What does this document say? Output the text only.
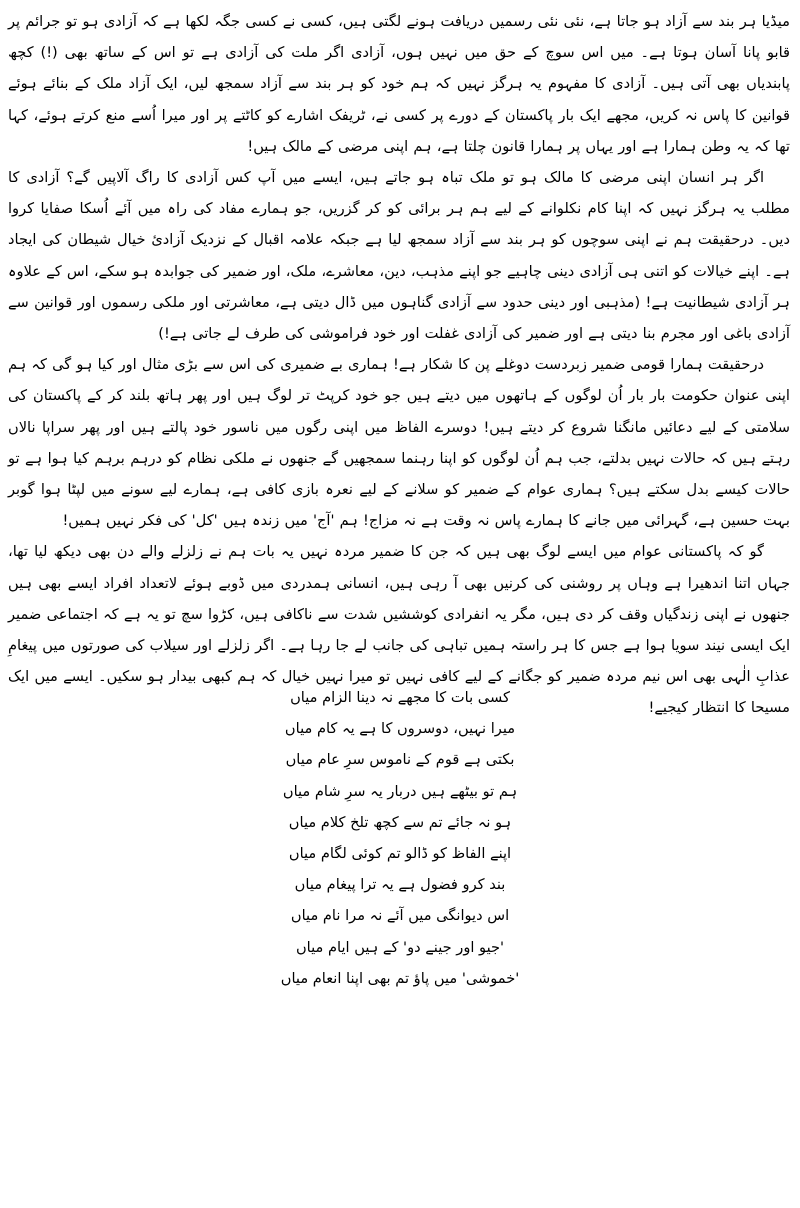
میڈیا ہر بند سے آزاد ہو جاتا ہے، نئی نئی رسمیں دریافت ہونے لگتی ہیں، کسی نے کسی جگہ لکھا ہے کہ آزادی ہو تو جرائم پر قابو پانا آسان ہوتا ہے۔ میں اس سوچ کے حق میں نہیں ہوں، آزادی اگر ملت کی آزادی ہے تو اس کے ساتھ بھی (!) کچھ پابندیاں بھی آتی ہیں۔ آزادی کا مفہوم یہ ہرگز نہیں کہ ہم خود کو ہر بند سے آزاد سمجھ لیں، ایک آزاد ملک کے بنائے ہوئے قوانین کا پاس نہ کریں، مجھے ایک بار پاکستان کے دورے پر کسی نے، ٹریفک اشارے کو کاٹتے پر اور میرا اُسے منع کرتے ہوئے، کہا تھا کہ یہ وطن ہمارا ہے اور یہاں پر ہمارا قانون چلتا ہے، ہم اپنی مرضی کے مالک ہیں!

اگر ہر انسان اپنی مرضی کا مالک ہو تو ملک تباہ ہو جاتے ہیں، ایسے میں آپ کس آزادی کا راگ آلاپیں گے؟ آزادی کا مطلب یہ ہرگز نہیں کہ اپنا کام نکلوانے کے لیے ہم ہر برائی کو کر گزریں، جو ہمارے مفاد کی راہ میں آئے اُسکا صفایا کروا دیں۔ درحقیقت ہم نے اپنی سوچوں کو ہر بند سے آزاد سمجھ لیا ہے جبکہ علامہ اقبال کے نزدیک آزادیٔ خیال شیطان کی ایجاد ہے۔ اپنے خیالات کو اتنی ہی آزادی دینی چاہیے جو اپنے مذہب، دین، معاشرے، ملک، اور ضمیر کی جوابدہ ہو سکے، اس کے علاوہ ہر آزادی شیطانیت ہے! (مذہبی اور دینی حدود سے آزادی گناہوں میں ڈال دیتی ہے، معاشرتی اور ملکی رسموں اور قوانین سے آزادی باغی اور مجرم بنا دیتی ہے اور ضمیر کی آزادی غفلت اور خود فراموشی کی طرف لے جاتی ہے!)

درحقیقت ہمارا قومی ضمیر زبردست دوغلے پن کا شکار ہے! ہماری بے ضمیری کی اس سے بڑی مثال اور کیا ہو گی کہ ہم اپنی عنوان حکومت بار بار اُن لوگوں کے ہاتھوں میں دیتے ہیں جو خود کرپٹ تر لوگ ہیں اور پھر ہاتھ بلند کر کے پاکستان کی سلامتی کے لیے دعائیں مانگنا شروع کر دیتے ہیں! دوسرے الفاظ میں اپنی رگوں میں ناسور خود پالتے ہیں اور پھر سراپا نالاں رہتے ہیں کہ حالات نہیں بدلتے، جب ہم اُن لوگوں کو اپنا رہنما سمجھیں گے جنھوں نے ملکی نظام کو درہم برہم کیا ہوا ہے تو حالات کیسے بدل سکتے ہیں؟ ہماری عوام کے ضمیر کو سلانے کے لیے نعرہ بازی کافی ہے، ہمارے لیے سونے میں لپٹا ہوا گوبر بہت حسین ہے، گہرائی میں جانے کا ہمارے پاس نہ وقت ہے نہ مزاج! ہم 'آج' میں زندہ ہیں 'کل' کی فکر نہیں ہمیں!

گو کہ پاکستانی عوام میں ایسے لوگ بھی ہیں کہ جن کا ضمیر مردہ نہیں یہ بات ہم نے زلزلے والے دن بھی دیکھ لیا تھا، جہاں اتنا اندھیرا ہے وہاں پر روشنی کی کرنیں بھی آ رہی ہیں، انسانی ہمدردی میں ڈوبے ہوئے لاتعداد افراد ایسے بھی ہیں جنھوں نے اپنی زندگیاں وقف کر دی ہیں، مگر یہ انفرادی کوششیں شدت سے ناکافی ہیں، کڑوا سچ تو یہ ہے کہ اجتماعی ضمیر ایک ایسی نیند سویا ہوا ہے جس کا ہر راستہ ہمیں تباہی کی جانب لے جا رہا ہے۔ اگر زلزلے اور سیلاب کی صورتوں میں پیغامِ عذابِ الٰہی بھی اس نیم مردہ ضمیر کو جگانے کے لیے کافی نہیں تو میرا نہیں خیال کہ ہم کبھی بیدار ہو سکیں۔ ایسے میں ایک مسیحا کا انتظار کیجیے!

کسی بات کا مجھے نہ دینا الزام میاں
میرا نہیں، دوسروں کا ہے یہ کام میاں
بکتی ہے قوم کے ناموس سرِ عام میاں
ہم تو بیٹھے ہیں دربار یہ سرِ شام میاں
ہو نہ جائے تم سے کچھ تلخ کلام میاں
اپنے الفاظ کو ڈالو تم کوئی لگام میاں
بند کرو فضول ہے یہ ترا پیغام میاں
اس دیوانگی میں آئے نہ مرا نام میاں
'جیو اور جینے دو' کے ہیں ایام میاں
'خموشی' میں پاؤ تم بھی اپنا انعام میاں
